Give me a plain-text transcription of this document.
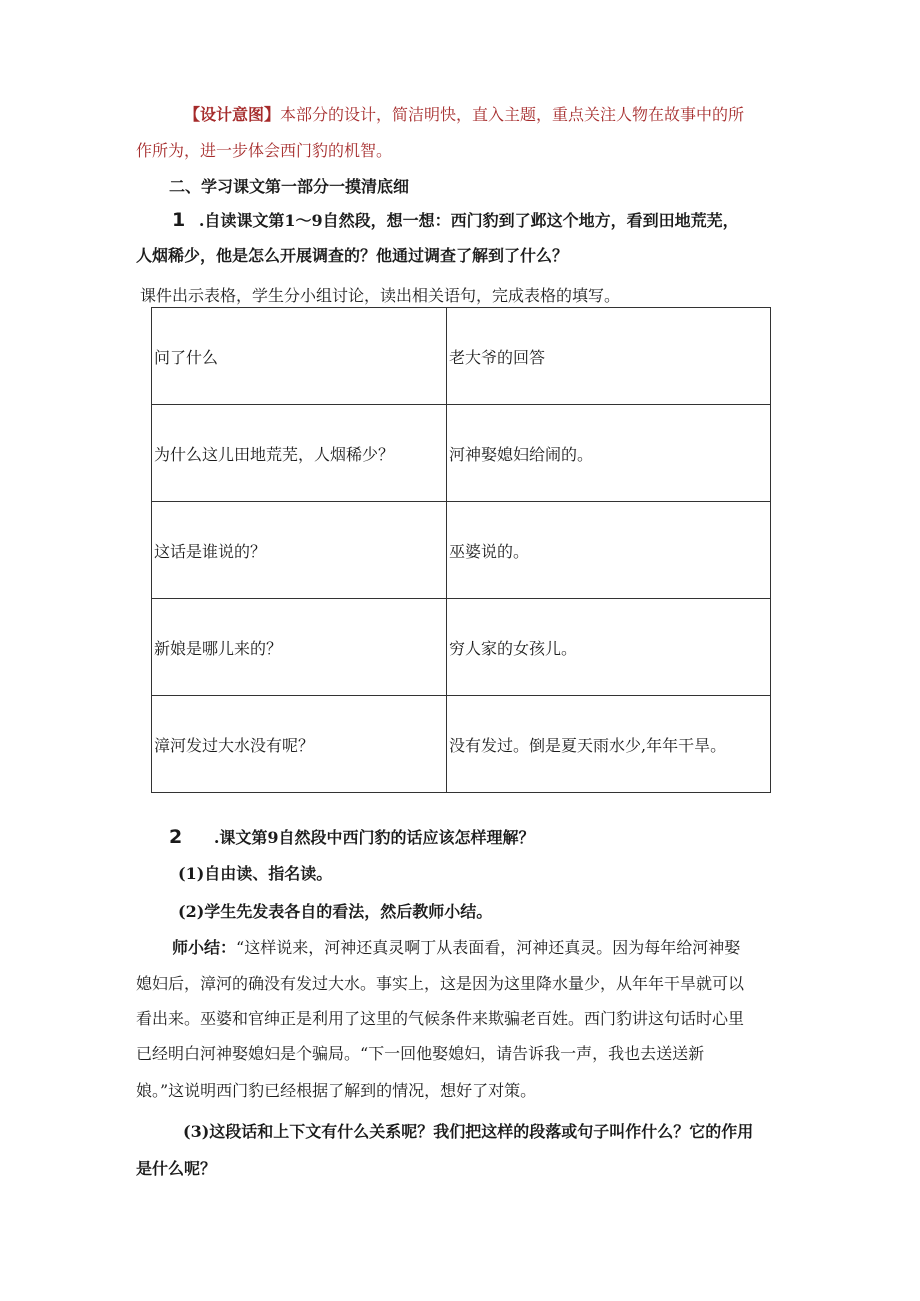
【设计意图】本部分的设计，简洁明快，直入主题，重点关注人物在故事中的所
作所为，进一步体会西门豹的机智。
二、学习课文第一部分一摸清底细
1 .自读课文第1～9自然段，想一想：西门豹到了邺这个地方，看到田地荒芜，
人烟稀少，他是怎么开展调查的？他通过调查了解到了什么？
课件出示表格，学生分小组讨论，读出相关语句，完成表格的填写。
问了什么	老大爷的回答
为什么这儿田地荒芜，人烟稀少？	河神娶媳妇给闹的。
这话是谁说的？	巫婆说的。
新娘是哪儿来的？	穷人家的女孩儿。
漳河发过大水没有呢？	没有发过。倒是夏天雨水少,年年干旱。
2 .课文第9自然段中西门豹的话应该怎样理解？
(1)自由读、指名读。
(2)学生先发表各自的看法，然后教师小结。
师小结：“这样说来，河神还真灵啊丁从表面看，河神还真灵。因为每年给河神娶
媳妇后，漳河的确没有发过大水。事实上，这是因为这里降水量少，从年年干旱就可以
看出来。巫婆和官绅正是利用了这里的气候条件来欺骗老百姓。西门豹讲这句话时心里
已经明白河神娶媳妇是个骗局。“下一回他娶媳妇，请告诉我一声，我也去送送新
娘。”这说明西门豹已经根据了解到的情况，想好了对策。
(3)这段话和上下文有什么关系呢？我们把这样的段落或句子叫作什么？它的作用
是什么呢？
